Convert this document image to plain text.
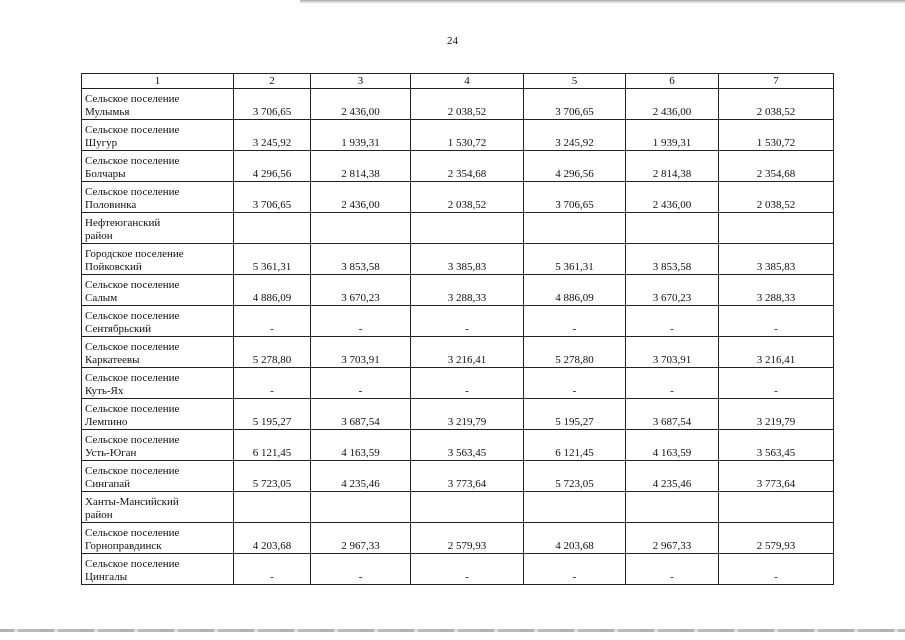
24
1	2	3	4	5	6	7
Сельское поселение
Мулымья	3 706,65	2 436,00	2 038,52	3 706,65	2 436,00	2 038,52
Сельское поселение
Шугур	3 245,92	1 939,31	1 530,72	3 245,92	1 939,31	1 530,72
Сельское поселение
Болчары	4 296,56	2 814,38	2 354,68	4 296,56	2 814,38	2 354,68
Сельское поселение
Половинка	3 706,65	2 436,00	2 038,52	3 706,65	2 436,00	2 038,52
Нефтеюганский
район						
Городское поселение
Пойковский	5 361,31	3 853,58	3 385,83	5 361,31	3 853,58	3 385,83
Сельское поселение
Салым	4 886,09	3 670,23	3 288,33	4 886,09	3 670,23	3 288,33
Сельское поселение
Сентябрьский	-	-	-	-	-	-
Сельское поселение
Каркатеевы	5 278,80	3 703,91	3 216,41	5 278,80	3 703,91	3 216,41
Сельское поселение
Куть-Ях	-	-	-	-	-	-
Сельское поселение
Лемпино	5 195,27	3 687,54	3 219,79	5 195,27	3 687,54	3 219,79
Сельское поселение
Усть-Юган	6 121,45	4 163,59	3 563,45	6 121,45	4 163,59	3 563,45
Сельское поселение
Сингапай	5 723,05	4 235,46	3 773,64	5 723,05	4 235,46	3 773,64
Ханты-Мансийский
район						
Сельское поселение
Горноправдинск	4 203,68	2 967,33	2 579,93	4 203,68	2 967,33	2 579,93
Сельское поселение
Цингалы	-	-	-	-	-	-
